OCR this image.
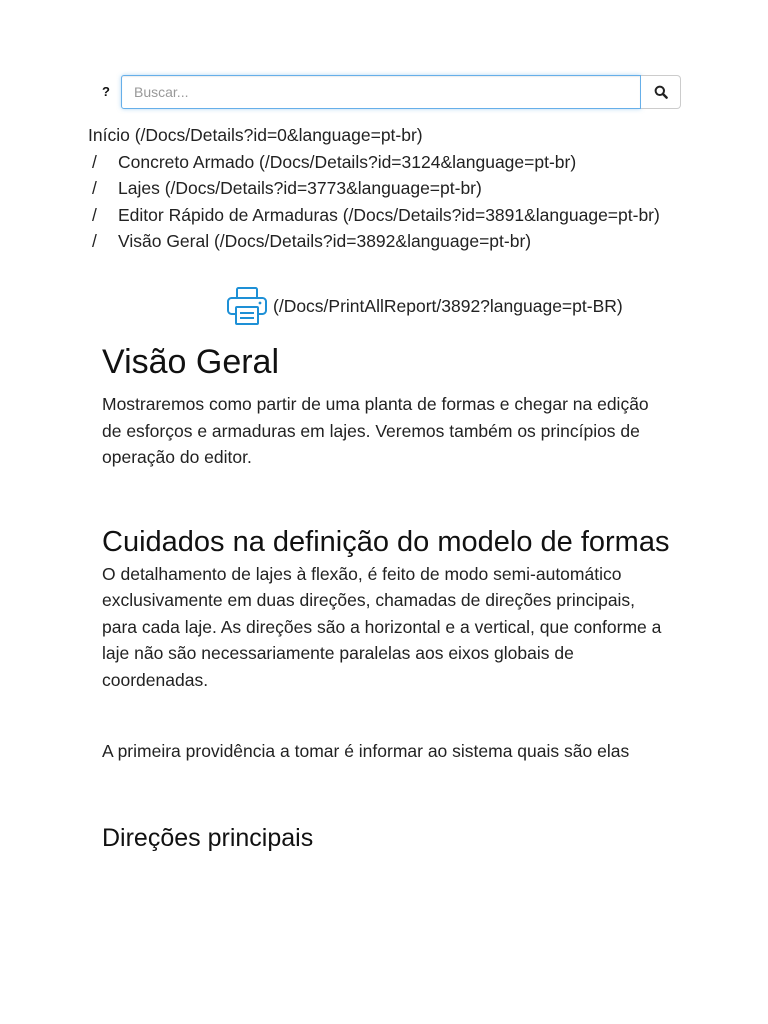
?
Buscar...
Início (/Docs/Details?id=0&language=pt-br)
/ Concreto Armado (/Docs/Details?id=3124&language=pt-br)
/ Lajes (/Docs/Details?id=3773&language=pt-br)
/ Editor Rápido de Armaduras (/Docs/Details?id=3891&language=pt-br)
/ Visão Geral (/Docs/Details?id=3892&language=pt-br)
(/Docs/PrintAllReport/3892?language=pt-BR)
Visão Geral

Mostraremos como partir de uma planta de formas e chegar na edição de esforços e armaduras em lajes. Veremos também os princípios de operação do editor.

Cuidados na definição do modelo de formas

O detalhamento de lajes à flexão, é feito de modo semi-automático exclusivamente em duas direções, chamadas de direções principais, para cada laje. As direções são a horizontal e a vertical, que conforme a laje não são necessariamente paralelas aos eixos globais de coordenadas.

A primeira providência a tomar é informar ao sistema quais são elas

Direções principais
